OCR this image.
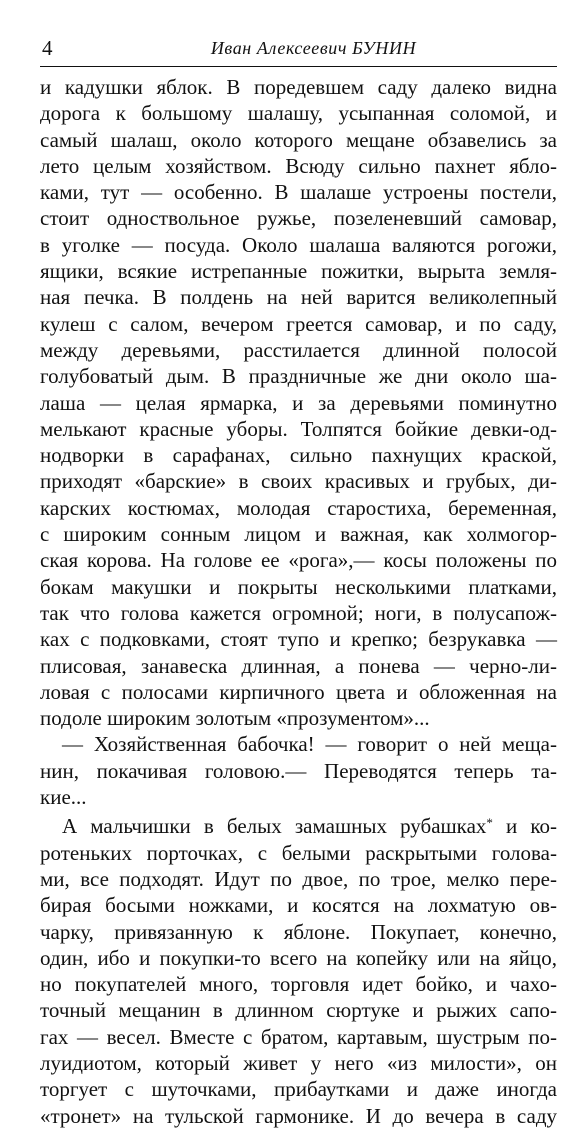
4	Иван Алексеевич БУНИН
и кадушки яблок. В поредевшем саду далеко видна
дорога к большому шалашу, усыпанная соломой, и
самый шалаш, около которого мещане обзавелись за
лето целым хозяйством. Всюду сильно пахнет ябло-
ками, тут — особенно. В шалаше устроены постели,
стоит одноствольное ружье, позеленевший самовар,
в уголке — посуда. Около шалаша валяются рогожи,
ящики, всякие истрепанные пожитки, вырыта земля-
ная печка. В полдень на ней варится великолепный
кулеш с салом, вечером греется самовар, и по саду,
между деревьями, расстилается длинной полосой
голубоватый дым. В праздничные же дни около ша-
лаша — целая ярмарка, и за деревьями поминутно
мелькают красные уборы. Толпятся бойкие девки-од-
нодворки в сарафанах, сильно пахнущих краской,
приходят «барские» в своих красивых и грубых, ди-
карских костюмах, молодая старостиха, беременная,
с широким сонным лицом и важная, как холмогор-
ская корова. На голове ее «рога»,— косы положены по
бокам макушки и покрыты несколькими платками,
так что голова кажется огромной; ноги, в полусапож-
ках с подковками, стоят тупо и крепко; безрукавка —
плисовая, занавеска длинная, а понева — черно-ли-
ловая с полосами кирпичного цвета и обложенная на
подоле широким золотым «прозументом»...
— Хозяйственная бабочка! — говорит о ней меща-
нин, покачивая головою.— Переводятся теперь та-
кие...
А мальчишки в белых замашных рубашках* и ко-
ротеньких порточках, с белыми раскрытыми голова-
ми, все подходят. Идут по двое, по трое, мелко пере-
бирая босыми ножками, и косятся на лохматую ов-
чарку, привязанную к яблоне. Покупает, конечно,
один, ибо и покупки-то всего на копейку или на яйцо,
но покупателей много, торговля идет бойко, и чахо-
точный мещанин в длинном сюртуке и рыжих сапо-
гах — весел. Вместе с братом, картавым, шустрым по-
луидиотом, который живет у него «из милости», он
торгует с шуточками, прибаутками и даже иногда
«тронет» на тульской гармонике. И до вечера в саду
